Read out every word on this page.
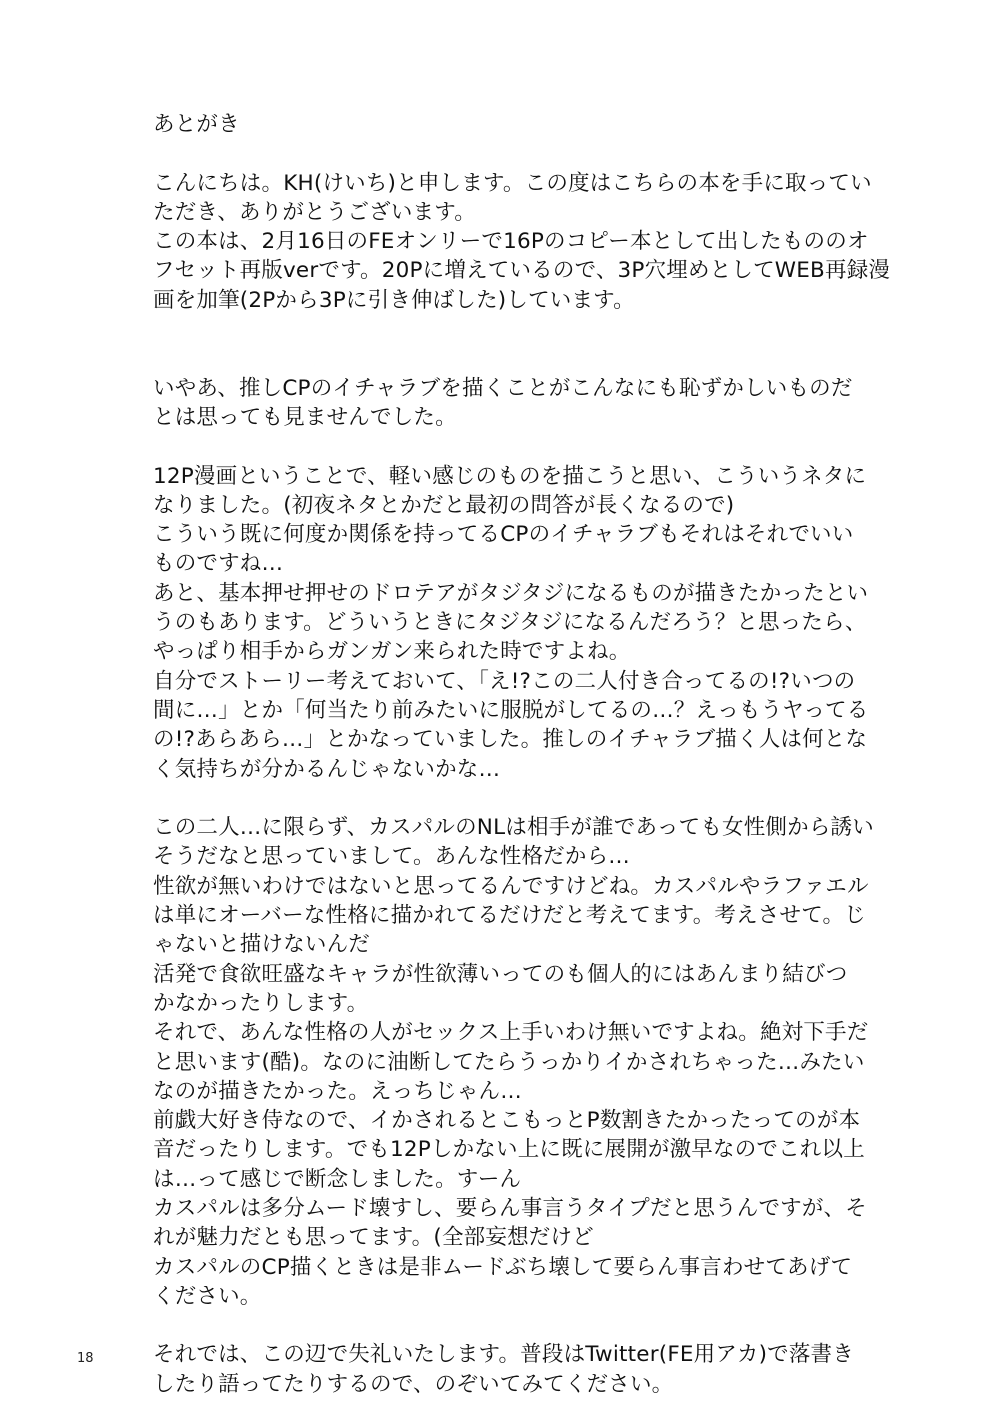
あとがき
こんにちは。KH(けいち)と申します。この度はこちらの本を手に取ってい
ただき、ありがとうございます。
この本は、2月16日のFEオンリーで16Pのコピー本として出したもののオ
フセット再版verです。20Pに増えているので、3P穴埋めとしてWEB再録漫
画を加筆(2Pから3Pに引き伸ばした)しています。
いやあ、推しCPのイチャラブを描くことがこんなにも恥ずかしいものだ
とは思っても見ませんでした。
12P漫画ということで、軽い感じのものを描こうと思い、こういうネタに
なりました。(初夜ネタとかだと最初の問答が長くなるので)
こういう既に何度か関係を持ってるCPのイチャラブもそれはそれでいい
ものですね…
あと、基本押せ押せのドロテアがタジタジになるものが描きたかったとい
うのもあります。どういうときにタジタジになるんだろう？と思ったら、
やっぱり相手からガンガン来られた時ですよね。
自分でストーリー考えておいて、「え!?この二人付き合ってるの!?いつの
間に…」とか「何当たり前みたいに服脱がしてるの…？えっもうヤってる
の!?あらあら…」とかなっていました。推しのイチャラブ描く人は何とな
く気持ちが分かるんじゃないかな…
この二人…に限らず、カスパルのNLは相手が誰であっても女性側から誘い
そうだなと思っていまして。あんな性格だから…
性欲が無いわけではないと思ってるんですけどね。カスパルやラファエル
は単にオーバーな性格に描かれてるだけだと考えてます。考えさせて。じ
ゃないと描けないんだ
活発で食欲旺盛なキャラが性欲薄いってのも個人的にはあんまり結びつ
かなかったりします。
それで、あんな性格の人がセックス上手いわけ無いですよね。絶対下手だ
と思います(酷)。なのに油断してたらうっかりイかされちゃった…みたい
なのが描きたかった。えっちじゃん…
前戯大好き侍なので、イかされるとこもっとP数割きたかったってのが本
音だったりします。でも12Pしかない上に既に展開が激早なのでこれ以上
は…って感じで断念しました。すーん
カスパルは多分ムード壊すし、要らん事言うタイプだと思うんですが、そ
れが魅力だとも思ってます。(全部妄想だけど
カスパルのCP描くときは是非ムードぶち壊して要らん事言わせてあげて
ください。
それでは、この辺で失礼いたします。普段はTwitter(FE用アカ)で落書き
したり語ってたりするので、のぞいてみてください。
18
